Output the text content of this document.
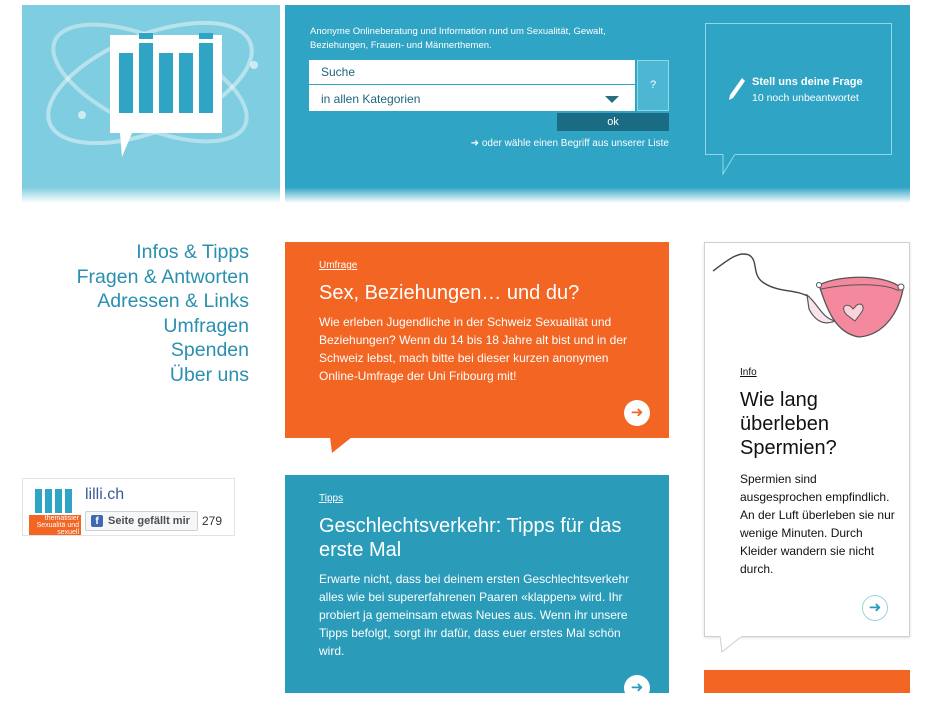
Anonyme Onlineberatung und Information rund um Sexualität, Gewalt, Beziehungen, Frauen- und Männerthemen.
Suche
in allen Kategorien
?
ok
➜ oder wähle einen Begriff aus unserer Liste
Stell uns deine Frage
10 noch unbeantwortet
Infos & Tipps
Fragen & Antworten
Adressen & Links
Umfragen
Spenden
Über uns
thematisier Sexualitä und sexuell
lilli.ch
f Seite gefällt mir	279
Umfrage
Sex, Beziehungen… und du?
Wie erleben Jugendliche in der Schweiz Sexualität und Beziehungen? Wenn du 14 bis 18 Jahre alt bist und in der Schweiz lebst, mach bitte bei dieser kurzen anonymen Online-Umfrage der Uni Fribourg mit!
➜
Tipps
Geschlechtsverkehr: Tipps für das erste Mal
Erwarte nicht, dass bei deinem ersten Geschlechtsverkehr alles wie bei supererfahrenen Paaren «klappen» wird. Ihr probiert ja gemeinsam etwas Neues aus. Wenn ihr unsere Tipps befolgt, sorgt ihr dafür, dass euer erstes Mal schön wird.
➜
Info
Wie lang überleben Spermien?
Spermien sind ausgesprochen empfindlich. An der Luft überleben sie nur wenige Minuten. Durch Kleider wandern sie nicht durch.
➜
